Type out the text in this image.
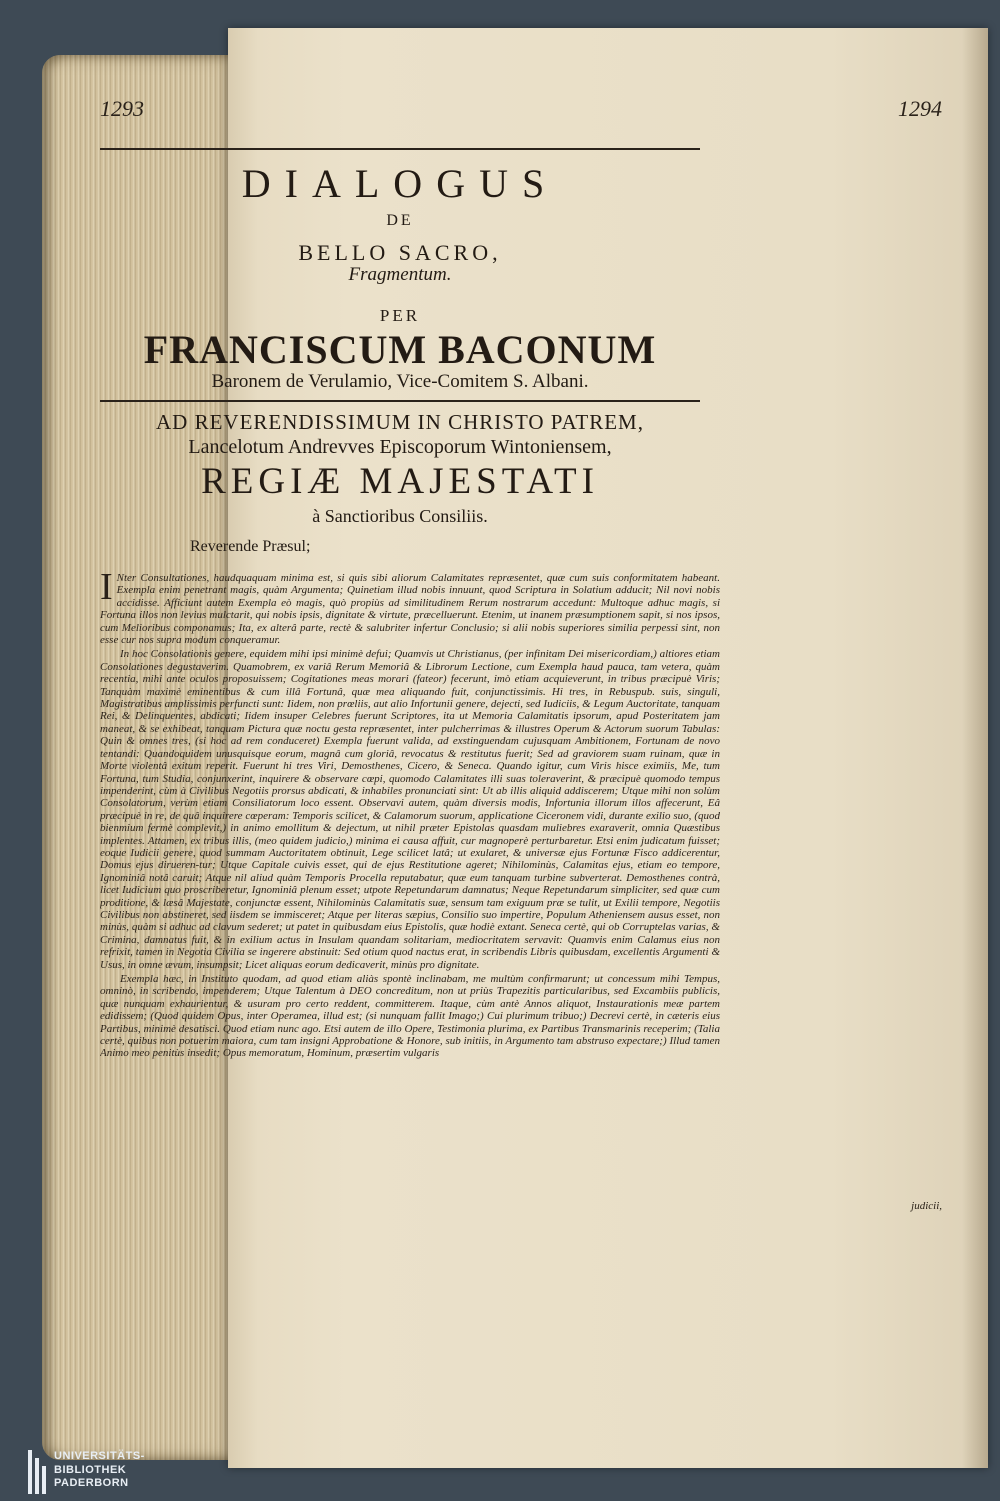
1293	1294
DIALOGUS
DE
BELLO SACRO,
Fragmentum.
PER
FRANCISCUM BACONUM
Baronem de Verulamio, Vice-Comitem S. Albani.
AD REVERENDISSIMUM IN CHRISTO PATREM,
Lancelotum Andrevves Episcoporum Wintoniensem,
REGIÆ MAJESTATI
à Sanctioribus Consiliis.
Reverende Præsul;

I Nter Consultationes, haudquaquam minima est, si quis sibi aliorum Calamitates repræsentet, quæ cum suis conformitatem habeant. Exempla enim penetrant magis, quàm Argumenta; Quinetiam illud nobis innuunt, quod Scriptura in Solatium adducit; Nil novi nobis accidisse. Afficiunt autem Exempla eò magis, quò propiùs ad similitudinem Rerum nostrarum accedunt: Multoque adhuc magis, si Fortuna illos non levius mulctarit, qui nobis ipsis, dignitate & virtute, præcelluerunt. Etenim, ut inanem præsumptionem sapit, si nos ipsos, cum Melioribus componamus; Ita, ex alterâ parte, rectè & salubriter infertur Conclusio; si alii nobis superiores similia perpessi sint, non esse cur nos supra modum conqueramur.

In hoc Consolationis genere, equidem mihi ipsi minimè defui; Quamvis ut Christianus, (per infinitam Dei misericordiam,) altiores etiam Consolationes degustaverim. Quamobrem, ex variâ Rerum Memoriâ & Librorum Lectione, cum Exempla haud pauca, tam vetera, quàm recentia, mihi ante oculos proposuissem; Cogitationes meas morari (fateor) fecerunt, imò etiam acquieverunt, in tribus præcipuè Viris; Tanquàm maximè eminentibus & cum illâ Fortunâ, quæ mea aliquando fuit, conjunctissimis. Hi tres, in Rebuspub. suis, singuli, Magistratibus amplissimis perfuncti sunt: Iidem, non prœliis, aut alio Infortunii genere, dejecti, sed Iudiciis, & Legum Auctoritate, tanquam Rei, & Delinquentes, abdicati; Iidem insuper Celebres fuerunt Scriptores, ita ut Memoria Calamitatis ipsorum, apud Posteritatem jam maneat, & se exhibeat, tanquam Pictura quæ noctu gesta repræsentet, inter pulcherrimas & illustres Operum & Actorum suorum Tabulas: Quin & omnes tres, (si hoc ad rem conduceret) Exempla fuerunt valida, ad exstinguendam cujusquam Ambitionem, Fortunam de novo tentandi: Quandoquidem unusquisque eorum, magnâ cum gloriâ, revocatus & restitutus fuerit; Sed ad graviorem suam ruinam, quæ in Morte violentâ exitum reperit. Fuerunt hi tres Viri, Demosthenes, Cicero, & Seneca. Quando igitur, cum Viris hisce eximiis, Me, tum Fortuna, tum Studia, conjunxerint, inquirere & observare cœpi, quomodo Calamitates illi suas toleraverint, & præcipuè quomodo tempus impenderint, cùm à Civilibus Negotiis prorsus abdicati, & inhabiles pronunciati sint: Ut ab illis aliquid addiscerem; Utque mihi non solùm Consolatorum, verùm etiam Consiliatorum loco essent. Observavi autem, quàm diversis modis, Infortunia illorum illos affecerunt, Eâ præcipuè in re, de quâ inquirere cœperam: Temporis scilicet, & Calamorum suorum, applicatione Ciceronem vidi, durante exilio suo, (quod bienmium fermè complevit,) in animo emollitum & dejectum, ut nihil præter Epistolas quasdam muliebres exaraverit, omnia Quæstibus implentes. Attamen, ex tribus illis, (meo quidem judicio,) minima ei causa affuit, cur magnoperè perturbaretur. Etsi enim judicatum fuisset; eoque Iudicii genere, quod summam Auctoritatem obtinuit, Lege scilicet latâ; ut exularet, & universæ ejus Fortunæ Fisco addicerentur, Domus ejus dirueren-tur; Utque Capitale cuivis esset, qui de ejus Restitutione ageret; Nihilominùs, Calamitas ejus, etiam eo tempore, Ignominiâ notâ caruit; Atque nil aliud quàm Temporis Procella reputabatur, quæ eum tanquam turbine subverterat. Demosthenes contrà, licet Iudicium quo proscriberetur, Ignominiâ plenum esset; utpote Repetundarum damnatus; Neque Repetundarum simpliciter, sed quæ cum proditione, & læsâ Majestate, conjunctæ essent, Nihilominùs Calamitatis suæ, sensum tam exiguum præ se tulit, ut Exilii tempore, Negotiis Civilibus non abstineret, sed iisdem se immisceret; Atque per literas sæpius, Consilio suo impertire, Populum Atheniensem ausus esset, non minùs, quàm si adhuc ad clavum sederet; ut patet in quibusdam eius Epistolis, quæ hodiè extant. Seneca certè, qui ob Corruptelas varias, & Crimina, damnatus fuit, & in exilium actus in Insulam quandam solitariam, mediocritatem servavit: Quamvis enim Calamus eius non refrixit, tamen in Negotia Civilia se ingerere abstinuit: Sed otium quod nactus erat, in scribendis Libris quibusdam, excellentis Argumenti & Usus, in omne ævum, insumpsit; Licet aliquas eorum dedicaverit, minùs pro dignitate.

Exempla hæc, in Instituto quodam, ad quod etiam aliàs spontè inclinabam, me multùm confirmarunt; ut concessum mihi Tempus, omninò, in scribendo, impenderem; Utque Talentum à DEO concreditum, non ut priùs Trapezitis particularibus, sed Excambiis publicis, quæ nunquam exhaurientur, & usuram pro certo reddent, committerem. Itaque, cùm antè Annos aliquot, Instaurationis meæ partem edidissem; (Quod quidem Opus, inter Operamea, illud est; (si nunquam fallit Imago;) Cui plurimum tribuo;) Decrevi certè, in cæteris eius Partibus, minimè desatisci. Quod etiam nunc ago. Etsi autem de illo Opere, Testimonia plurima, ex Partibus Transmarinis receperim; (Talia certè, quibus non potuerim maiora, cum tam insigni Approbatione & Honore, sub initiis, in Argumento tam abstruso expectare;) Illud tamen Animo meo penitùs insedit; Opus memoratum, Hominum, præsertim vulgaris

judicii,
UNIVERSITÄTS-
BIBLIOTHEK
PADERBORN
